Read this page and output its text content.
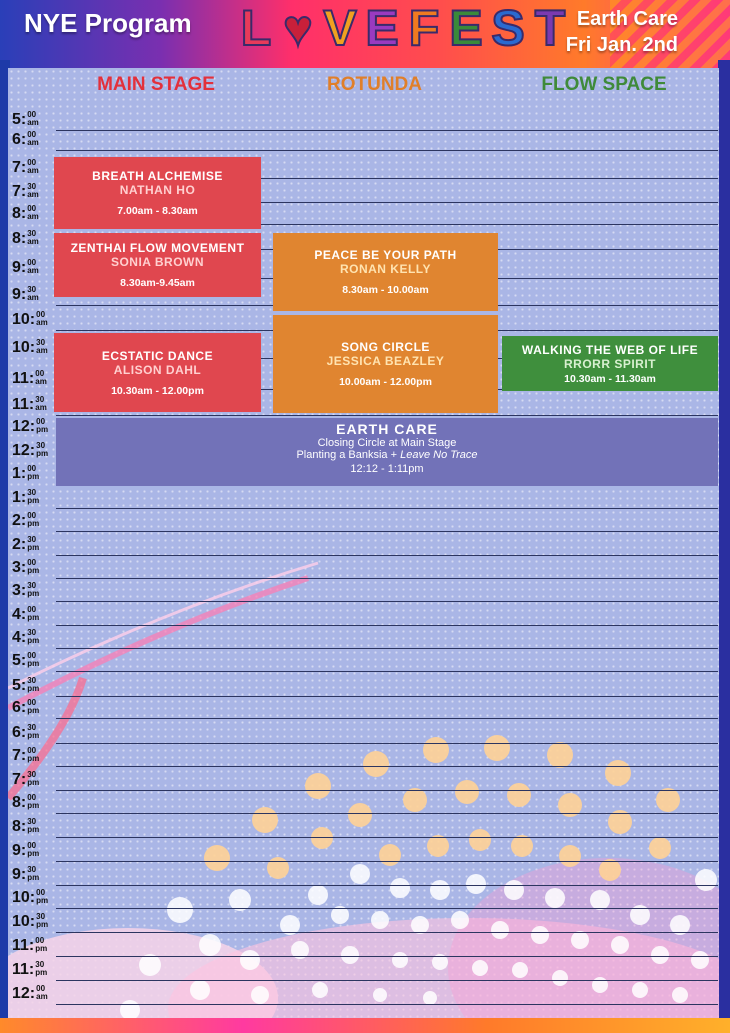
NYE Program L ♥ V E F E S T Earth Care
Fri Jan. 2nd
MAIN STAGE	ROTUNDA	FLOW SPACE
5: 00
am
6: 00
am
7: 00
am
7: 30
am
8: 00
am
8: 30
am
9: 00
am
9: 30
am
10: 00
am
10: 30
am
11: 00
am
11: 30
am
12: 00
pm
12: 30
pm
1: 00
pm
1: 30
pm
2: 00
pm
2: 30
pm
3: 00
pm
3: 30
pm
4: 00
pm
4: 30
pm
5: 00
pm
5: 30
pm
6: 00
pm
6: 30
pm
7: 00
pm
7: 30
pm
8: 00
pm
8: 30
pm
9: 00
pm
9: 30
pm
10: 00
pm
10: 30
pm
11: 00
pm
11: 30
pm
12: 00
am
BREATH ALCHEMISE
NATHAN HO
7.00am - 8.30am
ZENTHAI FLOW MOVEMENT
SONIA BROWN
8.30am-9.45am
ECSTATIC DANCE
ALISON DAHL
10.30am - 12.00pm
PEACE BE YOUR PATH
RONAN KELLY
8.30am - 10.00am
SONG CIRCLE
JESSICA BEAZLEY
10.00am - 12.00pm
WALKING THE WEB OF LIFE
RRORR SPIRIT
10.30am - 11.30am
EARTH CARE
Closing Circle at Main Stage
Planting a Banksia + Leave No Trace
12:12 - 1:11pm
